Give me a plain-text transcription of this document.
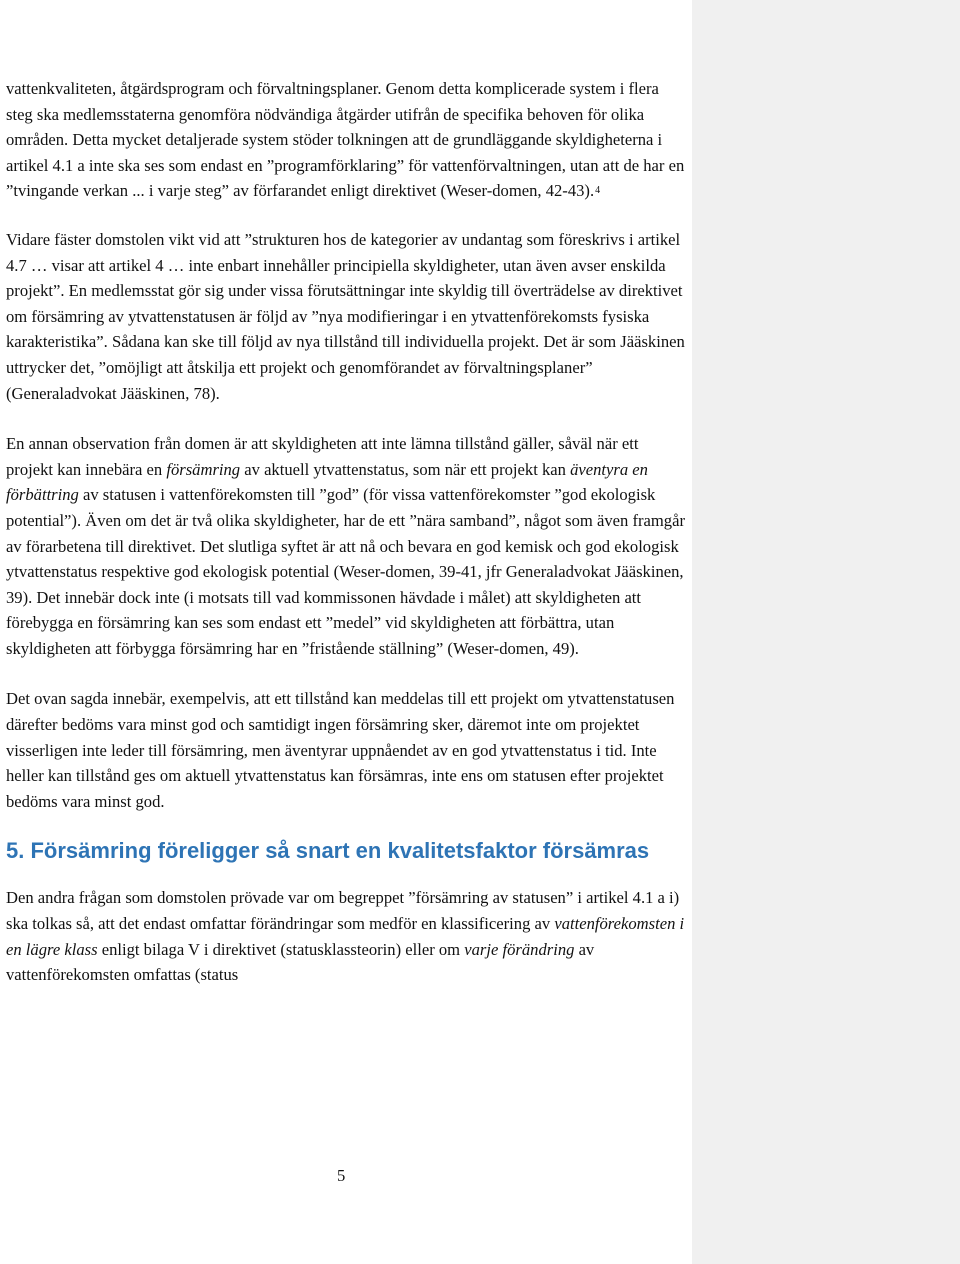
vattenkvaliteten, åtgärdsprogram och förvaltningsplaner. Genom detta komplicerade system i flera steg ska medlemsstaterna genomföra nödvändiga åtgärder utifrån de specifika behoven för olika områden. Detta mycket detaljerade system stöder tolkningen att de grundläggande skyldigheterna i artikel 4.1 a inte ska ses som endast en ”programförklaring” för vattenförvaltningen, utan att de har en ”tvingande verkan ... i varje steg” av förfarandet enligt direktivet (Weser-domen, 42-43).$^4$

Vidare fäster domstolen vikt vid att ”strukturen hos de kategorier av undantag som föreskrivs i artikel 4.7 … visar att artikel 4 … inte enbart innehåller principiella skyldigheter, utan även avser enskilda projekt”. En medlemsstat gör sig under vissa förutsättningar inte skyldig till överträdelse av direktivet om försämring av ytvattenstatusen är följd av ”nya modifieringar i en ytvattenförekomsts fysiska karakteristika”. Sådana kan ske till följd av nya tillstånd till individuella projekt. Det är som Jääskinen uttrycker det, ”omöjligt att åtskilja ett projekt och genomförandet av förvaltningsplaner” (Generaladvokat Jääskinen, 78).

En annan observation från domen är att skyldigheten att inte lämna tillstånd gäller, såväl när ett projekt kan innebära en försämring av aktuell ytvattenstatus, som när ett projekt kan äventyra en förbättring av statusen i vattenförekomsten till ”god” (för vissa vattenförekomster ”god ekologisk potential”). Även om det är två olika skyldigheter, har de ett ”nära samband”, något som även framgår av förarbetena till direktivet. Det slutliga syftet är att nå och bevara en god kemisk och god ekologisk ytvattenstatus respektive god ekologisk potential (Weser-domen, 39-41, jfr Generaladvokat Jääskinen, 39). Det innebär dock inte (i motsats till vad kommissonen hävdade i målet) att skyldigheten att förebygga en försämring kan ses som endast ett ”medel” vid skyldigheten att förbättra, utan skyldigheten att förbygga försämring har en ”fristående ställning” (Weser-domen, 49).

Det ovan sagda innebär, exempelvis, att ett tillstånd kan meddelas till ett projekt om ytvattenstatusen därefter bedöms vara minst god och samtidigt ingen försämring sker, däremot inte om projektet visserligen inte leder till försämring, men äventyrar uppnåendet av en god ytvattenstatus i tid. Inte heller kan tillstånd ges om aktuell ytvattenstatus kan försämras, inte ens om statusen efter projektet bedöms vara minst god.

5. Försämring föreligger så snart en kvalitetsfaktor försämras

Den andra frågan som domstolen prövade var om begreppet ”försämring av statusen” i artikel 4.1 a i) ska tolkas så, att det endast omfattar förändringar som medför en klassificering av vattenförekomsten i en lägre klass enligt bilaga V i direktivet (statusklassteorin) eller om varje förändring av vattenförekomsten omfattas (status

5
